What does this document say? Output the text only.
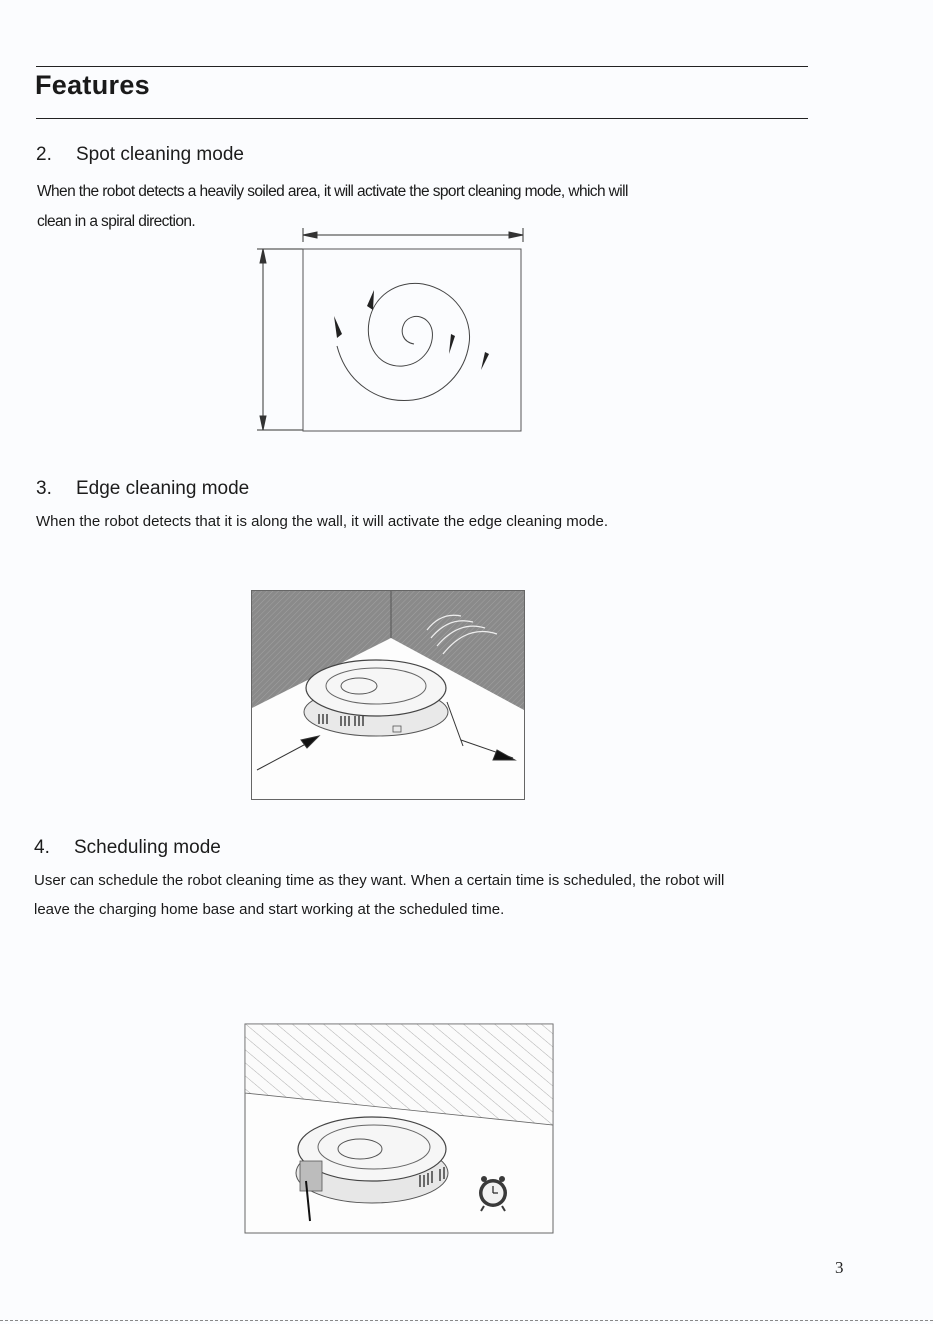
Features
2. Spot cleaning mode
When the robot detects a heavily soiled area, it will activate the sport cleaning mode, which will
clean in a spiral direction.
3. Edge cleaning mode
When the robot detects that it is along the wall, it will activate the edge cleaning mode.
4. Scheduling mode
User can schedule the robot cleaning time as they want. When a certain time is scheduled, the robot will
leave the charging home base and start working at the scheduled time.
3
